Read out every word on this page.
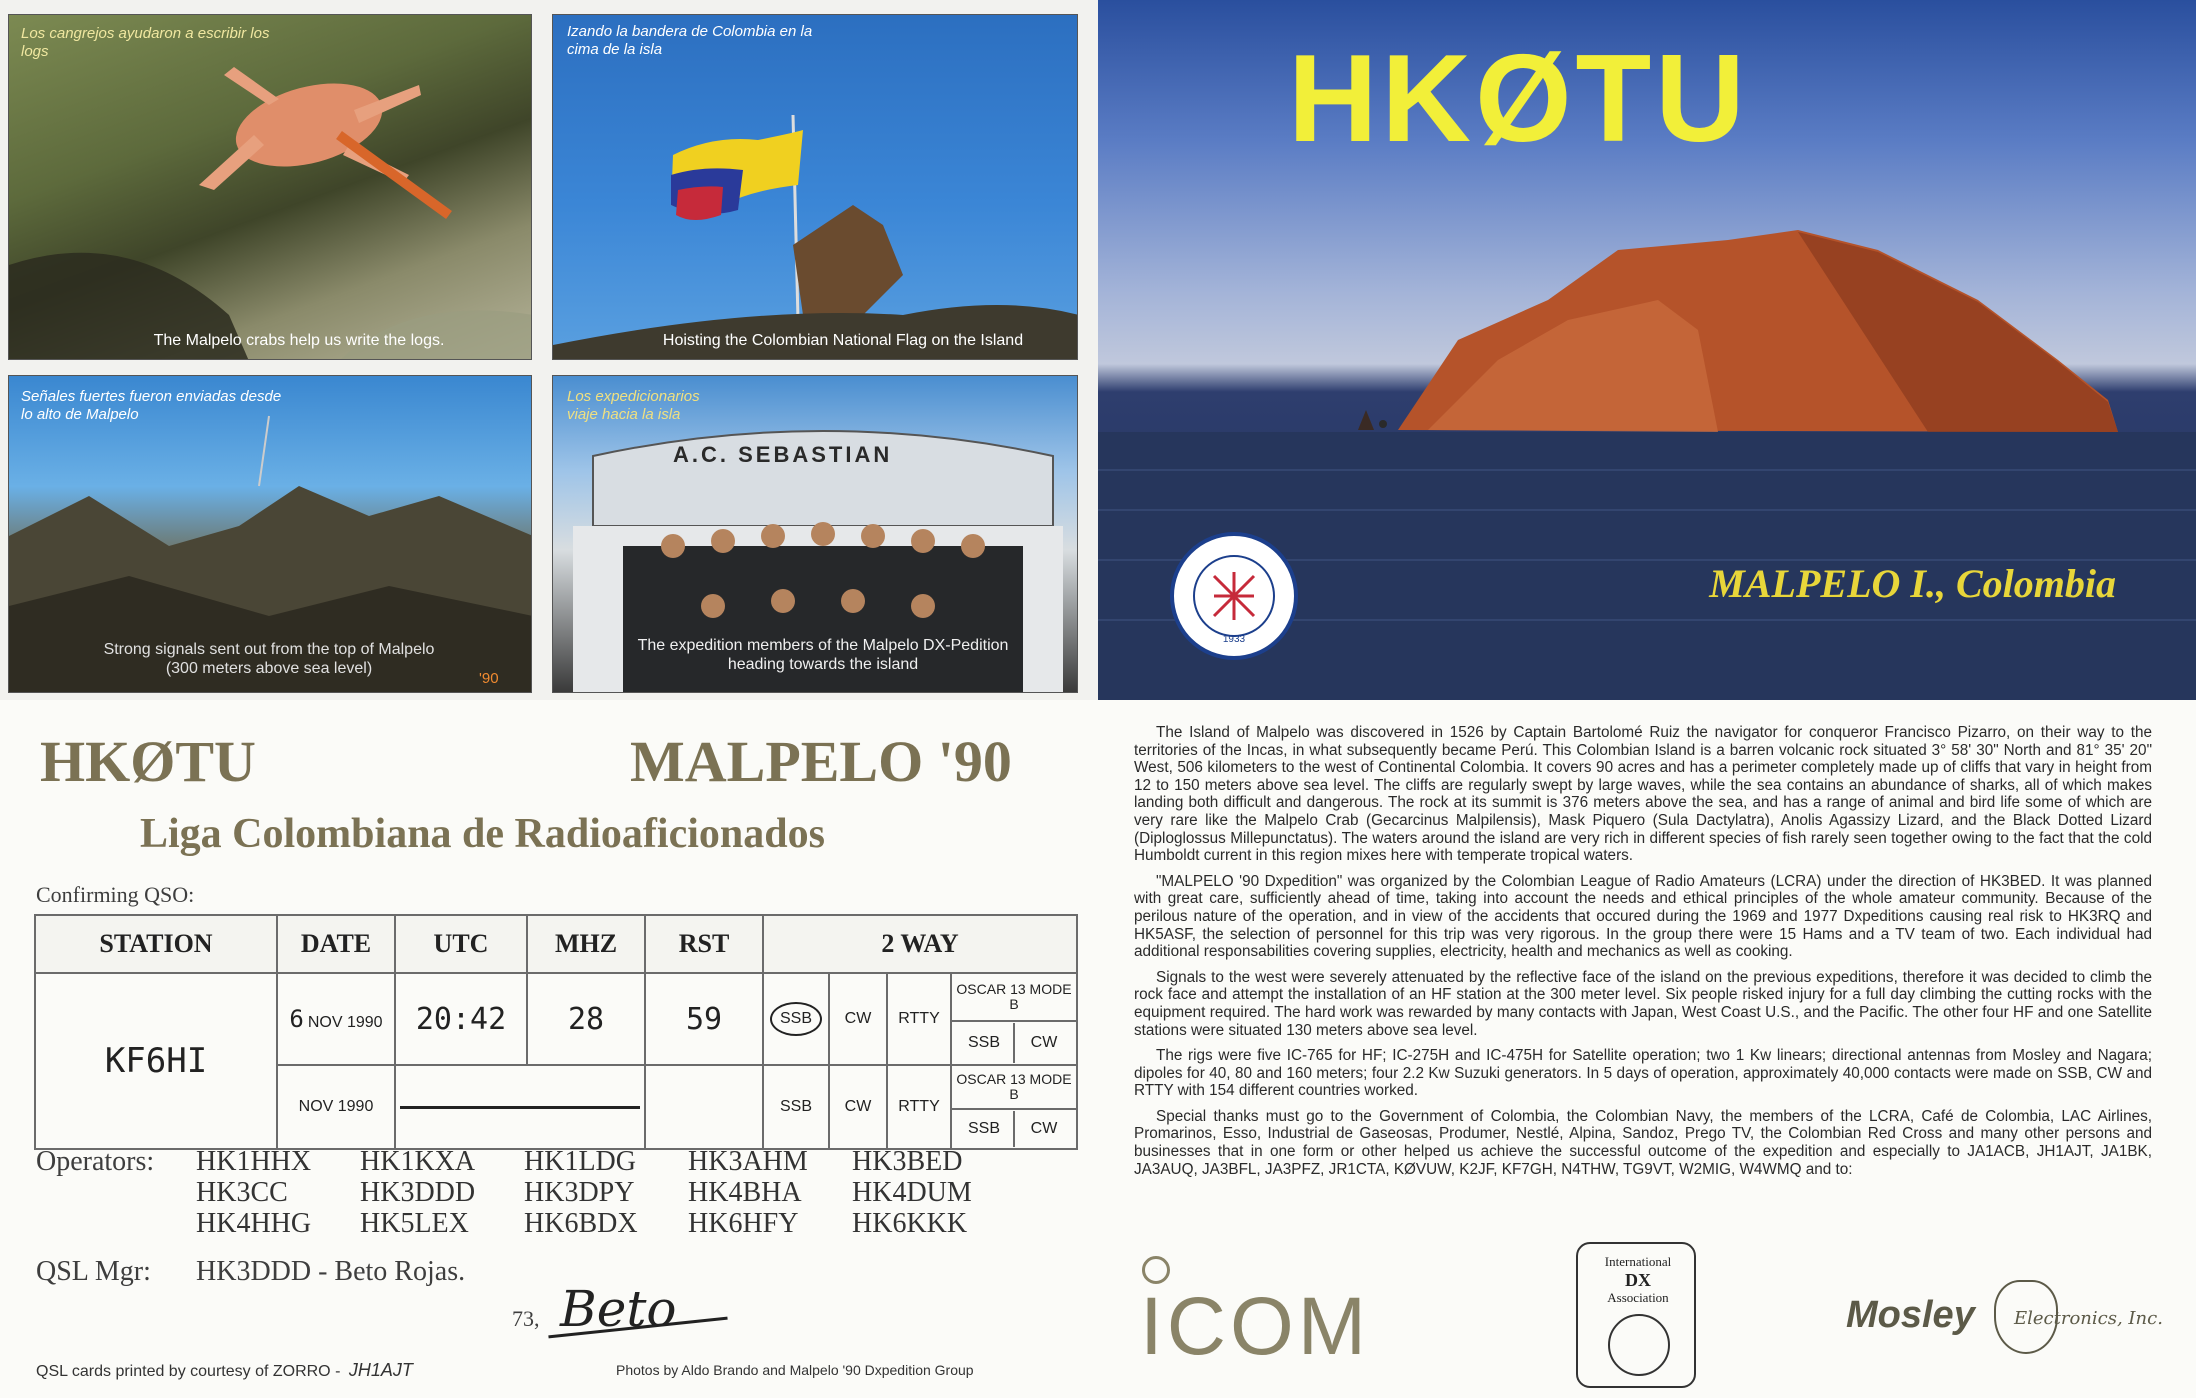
Los cangrejos ayudaron a escribir los logs
The Malpelo crabs help us write the logs.
Izando la bandera de Colombia en la cima de la isla
Hoisting the Colombian National Flag on the Island
Señales fuertes fueron enviadas desde lo alto de Malpelo
Strong signals sent out from the top of Malpelo (300 meters above sea level)
'90
A.C. SEBASTIAN
Los expedicionarios viaje hacia la isla
The expedition members of the Malpelo DX-Pedition heading towards the island
HKØTU
1933
MALPELO I., Colombia
HKØTU	MALPELO '90
Liga Colombiana de Radioaficionados
Confirming QSO:
STATION	DATE	UTC	MHZ	RST	2 WAY			
KF6HI	6 NOV 1990	20:42	28	59	SSB	CW	RTTY	OSCAR 13 MODE B
								SSB CW
	NOV 1990				SSB	CW	RTTY	OSCAR 13 MODE B
								SSB CW
Operators: HK1HHX HK1KXA HK1LDG HK3AHM HK3BED
HK3CC	HK3DDD HK3DPY HK4BHA HK4DUM
HK4HHG HK5LEX HK6BDX HK6HFY HK6KKK
QSL Mgr: HK3DDD - Beto Rojas.
73, Beto
QSL cards printed by courtesy of ZORRO - JH1AJT	Photos by Aldo Brando and Malpelo '90 Dxpedition Group

The Island of Malpelo was discovered in 1526 by Captain Bartolomé Ruiz the navigator for conqueror Francisco Pizarro, on their way to the territories of the Incas, in what subsequently became Perú. This Colombian Island is a barren volcanic rock situated 3° 58' 30" North and 81° 35' 20" West, 506 kilometers to the west of Continental Colombia. It covers 90 acres and has a perimeter completely made up of cliffs that vary in height from 12 to 150 meters above sea level. The cliffs are regularly swept by large waves, while the sea contains an abundance of sharks, all of which makes landing both difficult and dangerous. The rock at its summit is 376 meters above the sea, and has a range of animal and bird life some of which are very rare like the Malpelo Crab (Gecarcinus Malpilensis), Mask Piquero (Sula Dactylatra), Anolis Agassizy Lizard, and the Black Dotted Lizard (Diploglossus Millepunctatus). The waters around the island are very rich in different species of fish rarely seen together owing to the fact that the cold Humboldt current in this region mixes here with temperate tropical waters.

"MALPELO '90 Dxpedition" was organized by the Colombian League of Radio Amateurs (LCRA) under the direction of HK3BED. It was planned with great care, sufficiently ahead of time, taking into account the needs and ethical principles of the whole amateur community. Because of the perilous nature of the operation, and in view of the accidents that occured during the 1969 and 1977 Dxpeditions causing real risk to HK3RQ and HK5ASF, the selection of personnel for this trip was very rigorous. In the group there were 15 Hams and a TV team of two. Each individual had additional responsabilities covering supplies, electricity, health and mechanics as well as cooking.

Signals to the west were severely attenuated by the reflective face of the island on the previous expeditions, therefore it was decided to climb the rock face and attempt the installation of an HF station at the 300 meter level. Six people risked injury for a full day climbing the cutting rocks with the equipment required. The hard work was rewarded by many contacts with Japan, West Coast U.S., and the Pacific. The other four HF and one Satellite stations were situated 130 meters above sea level.

The rigs were five IC-765 for HF; IC-275H and IC-475H for Satellite operation; two 1 Kw linears; directional antennas from Mosley and Nagara; dipoles for 40, 80 and 160 meters; four 2.2 Kw Suzuki generators. In 5 days of operation, approximately 40,000 contacts were made on SSB, CW and RTTY with 154 different countries worked.

Special thanks must go to the Government of Colombia, the Colombian Navy, the members of the LCRA, Café de Colombia, LAC Airlines, Promarinos, Esso, Industrial de Gaseosas, Produmer, Nestlé, Alpina, Sandoz, Prego TV, the Colombian Red Cross and many other persons and businesses that in one form or other helped us achieve the successful outcome of the expedition and especially to JA1ACB, JH1AJT, JA1BK, JA3AUQ, JA3BFL, JA3PFZ, JR1CTA, KØVUW, K2JF, KF7GH, N4THW, TG9VT, W2MIG, W4WMQ and to:

ICOM
International
DX
Association	Mosley Electronics, Inc.
